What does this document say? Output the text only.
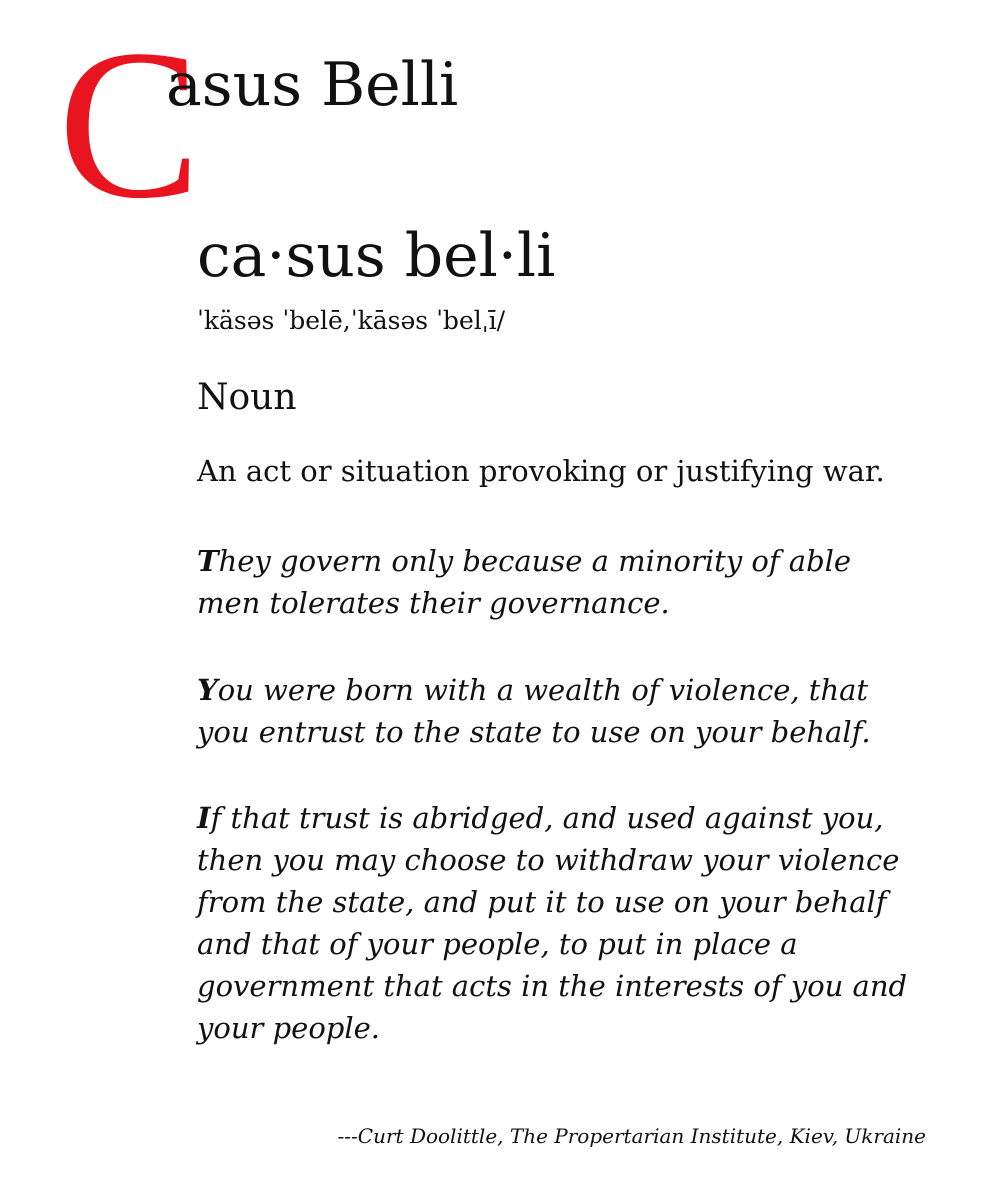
C
asus Belli
ca·sus bel·li
ˈkäsəs ˈbelē,ˈkāsəs ˈbelˌī/
Noun
An act or situation provoking or justifying war.

They govern only because a minority of able
men tolerates their governance.

You were born with a wealth of violence, that
you entrust to the state to use on your behalf.

If that trust is abridged, and used against you,
then you may choose to withdraw your violence
from the state, and put it to use on your behalf
and that of your people, to put in place a
government that acts in the interests of you and
your people.

---Curt Doolittle, The Propertarian Institute, Kiev, Ukraine
